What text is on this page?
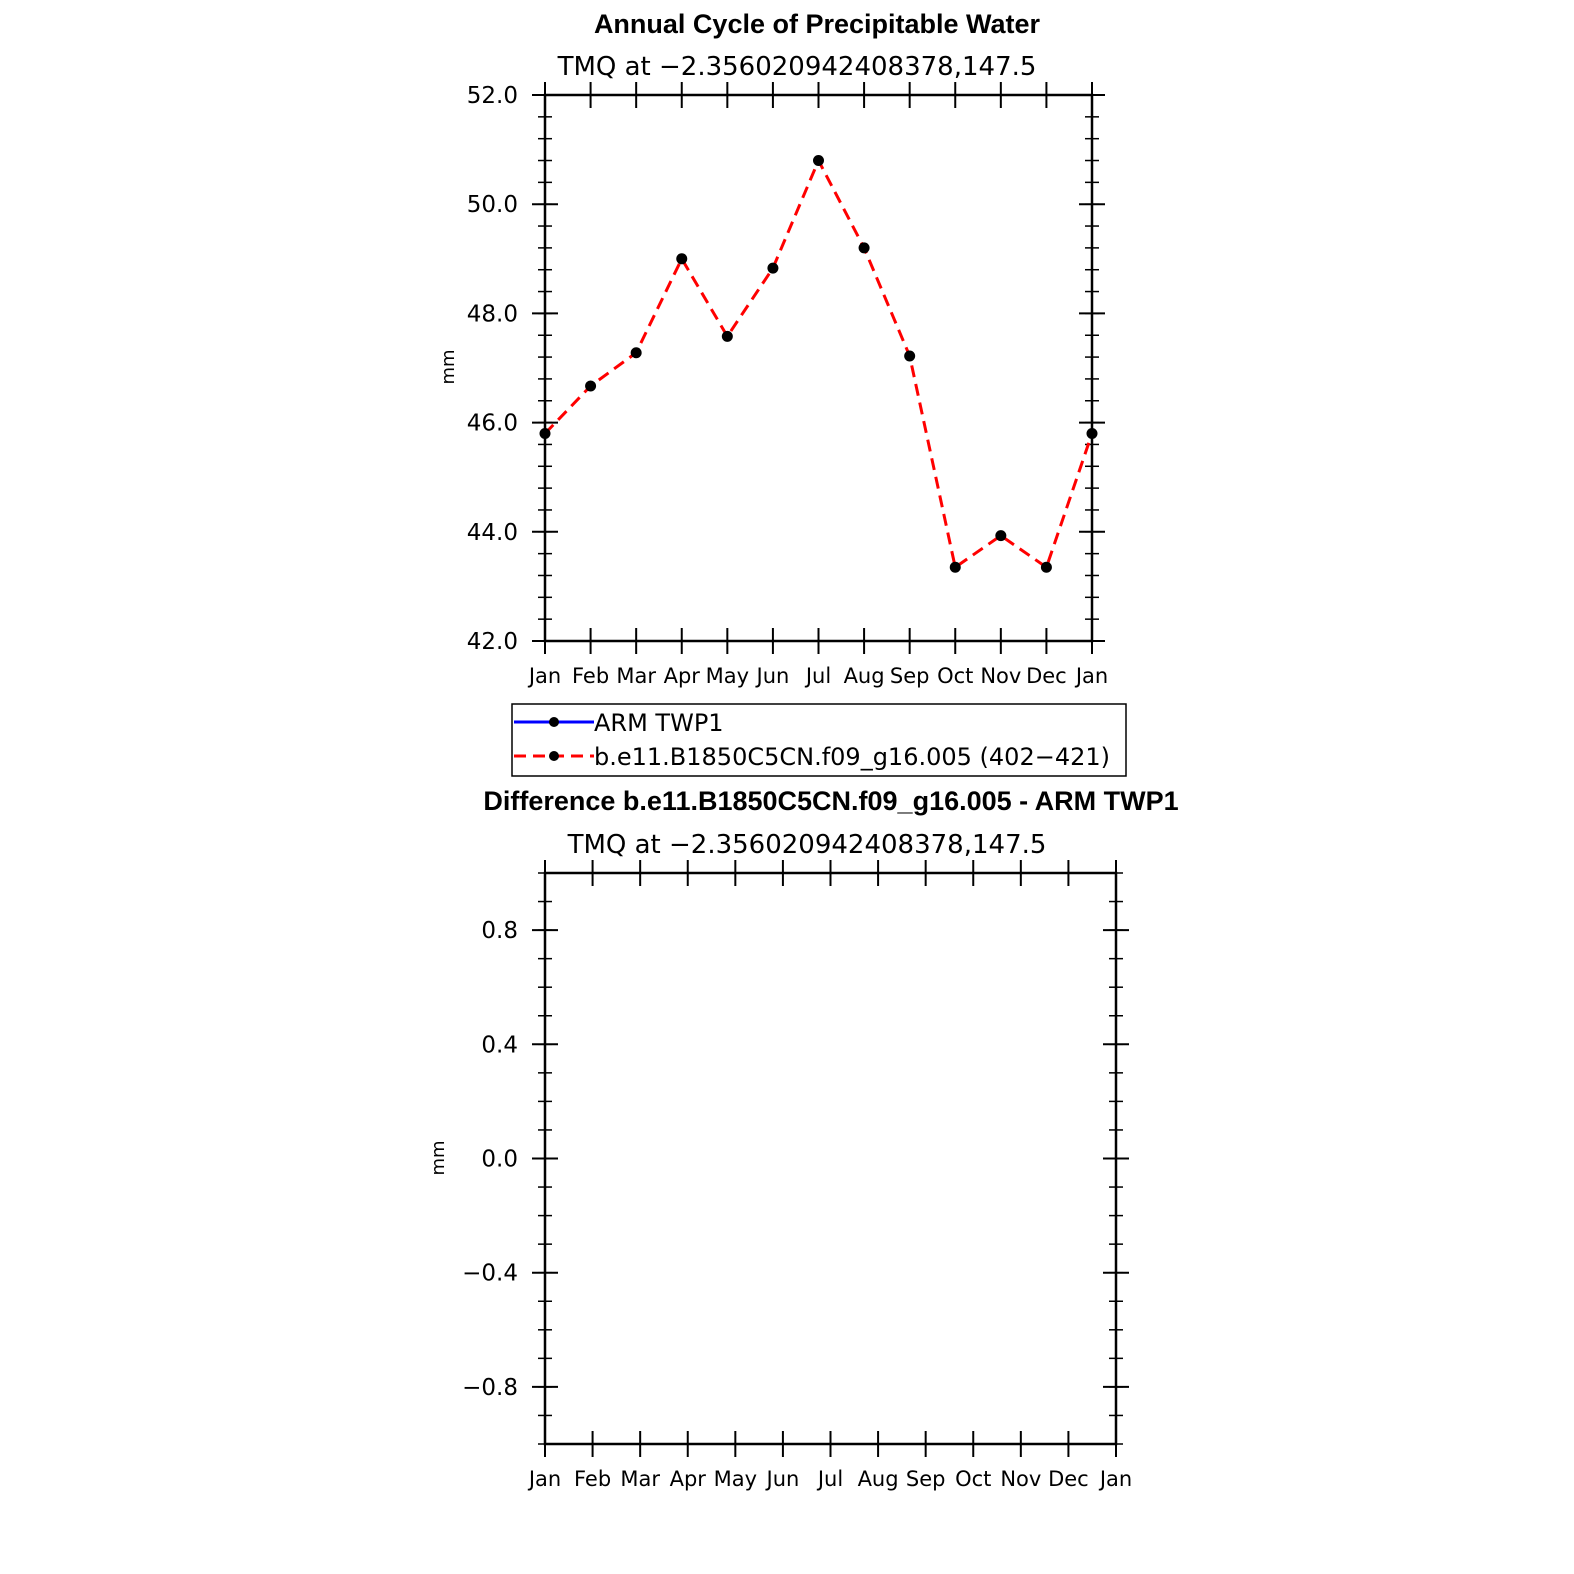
Annual Cycle of Precipitable Water
TMQ at −2.356020942408378,147.5
mm
Jan Feb Mar Apr May Jun Jul Aug Sep Oct Nov Dec Jan
42.0
44.0
46.0
48.0
50.0
52.0
ARM TWP1
b.e11.B1850C5CN.f09_g16.005 (402−421)
Difference b.e11.B1850C5CN.f09_g16.005 - ARM TWP1
TMQ at −2.356020942408378,147.5
mm
Jan Feb Mar Apr May Jun Jul Aug Sep Oct Nov Dec Jan
−0.8
−0.4
0.0
0.4
0.8
